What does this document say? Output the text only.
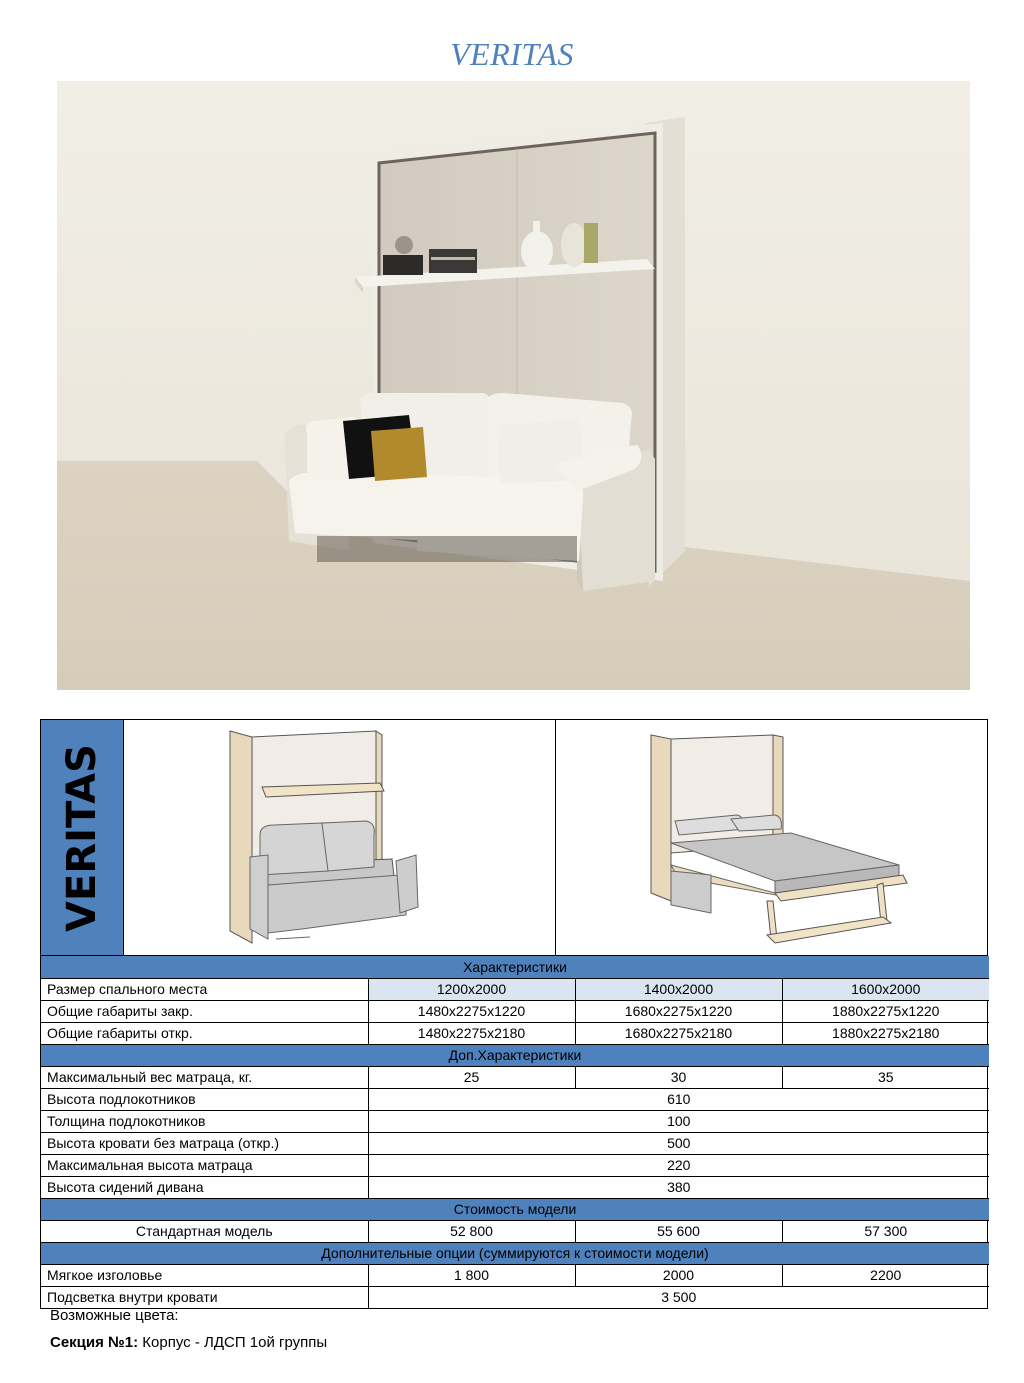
VERITAS
VERITAS
Характеристики			
Размер спального места	1200x2000	1400x2000	1600x2000
Общие габариты закр.	1480x2275x1220	1680x2275x1220	1880x2275x1220
Общие габариты откр.	1480x2275x2180	1680x2275x2180	1880x2275x2180
Доп.Характеристики			
Максимальный вес матраца, кг.	25	30	35
Высота подлокотников	610		
Толщина подлокотников	100		
Высота кровати без матраца (откр.)	500		
Максимальная высота матраца	220		
Высота сидений дивана	380		
Стоимость модели			
Стандартная модель	52 800	55 600	57 300
Дополнительные опции (суммируются к стоимости модели)			
Мягкое изголовье	1 800	2000	2200
Подсветка внутри кровати	3 500		
Возможные цвета:
Секция №1: Корпус - ЛДСП 1ой группы
